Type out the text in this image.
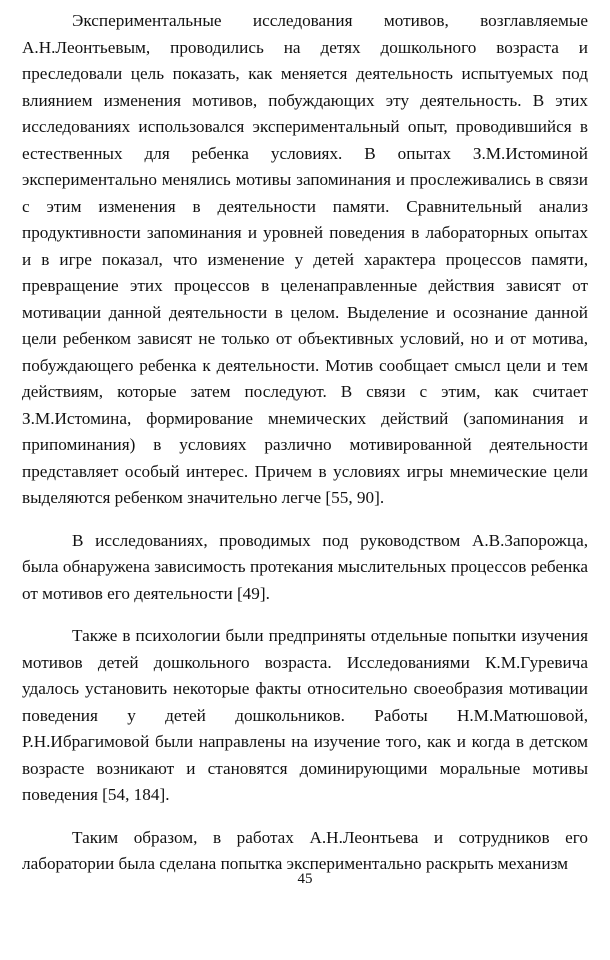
Экспериментальные исследования мотивов, возглавляемые А.Н.Леонтьевым, проводились на детях дошкольного возраста и преследовали цель показать, как меняется деятельность испытуемых под влиянием изменения мотивов, побуждающих эту деятельность. В этих исследованиях использовался экспериментальный опыт, проводившийся в естественных для ребенка условиях. В опытах З.М.Истоминой экспериментально менялись мотивы запоминания и прослеживались в связи с этим изменения в деятельности памяти. Сравнительный анализ продуктивности запоминания и уровней поведения в лабораторных опытах и в игре показал, что изменение у детей характера процессов памяти, превращение этих процессов в целенаправленные действия зависят от мотивации данной деятельности в целом. Выделение и осознание данной цели ребенком зависят не только от объективных условий, но и от мотива, побуждающего ребенка к деятельности. Мотив сообщает смысл цели и тем действиям, которые затем последуют. В связи с этим, как считает З.М.Истомина, формирование мнемических действий (запоминания и припоминания) в условиях различно мотивированной деятельности представляет особый интерес. Причем в условиях игры мнемические цели выделяются ребенком значительно легче [55, 90].

В исследованиях, проводимых под руководством А.В.Запорожца, была обнаружена зависимость протекания мыслительных процессов ребенка от мотивов его деятельности [49].

Также в психологии были предприняты отдельные попытки изучения мотивов детей дошкольного возраста. Исследованиями К.М.Гуревича удалось установить некоторые факты относительно своеобразия мотивации поведения у детей дошкольников. Работы Н.М.Матюшовой, Р.Н.Ибрагимовой были направлены на изучение того, как и когда в детском возрасте возникают и становятся доминирующими моральные мотивы поведения [54, 184].

Таким образом, в работах А.Н.Леонтьева и сотрудников его лаборатории была сделана попытка экспериментально раскрыть механизм

45
